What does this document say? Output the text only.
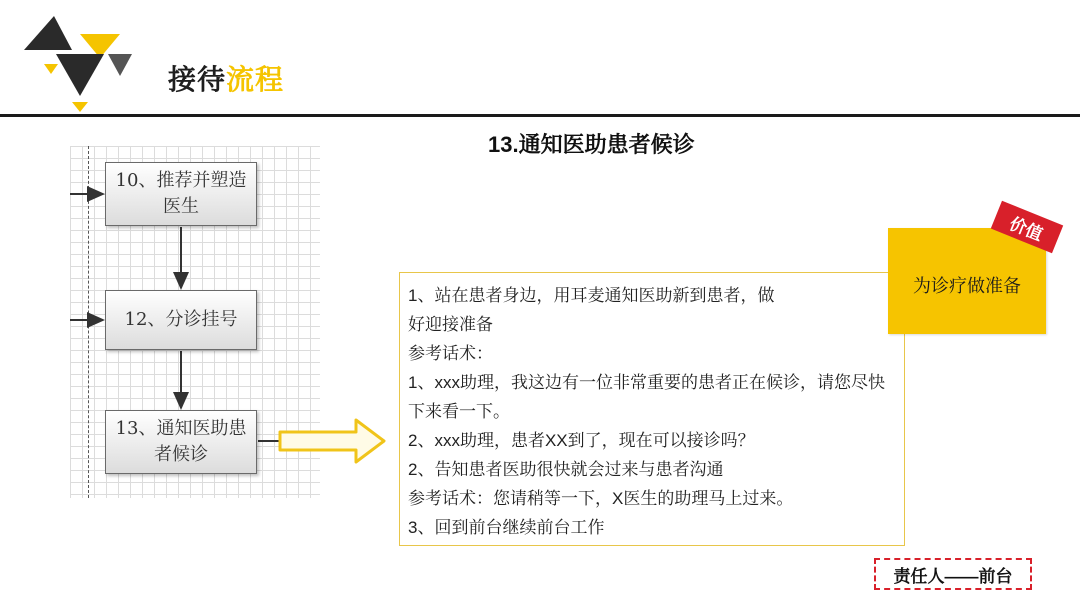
接待流程
13.通知医助患者候诊
10、推荐并塑造医生
12、分诊挂号
13、通知医助患者候诊
1、站在患者身边，用耳麦通知医助新到患者，做好迎接准备
参考话术：
1、xxx助理，我这边有一位非常重要的患者正在候诊，请您尽快下来看一下。
2、xxx助理，患者XX到了，现在可以接诊吗？
2、告知患者医助很快就会过来与患者沟通
参考话术：您请稍等一下，X医生的助理马上过来。
3、回到前台继续前台工作
为诊疗做准备
价值
责任人——前台
